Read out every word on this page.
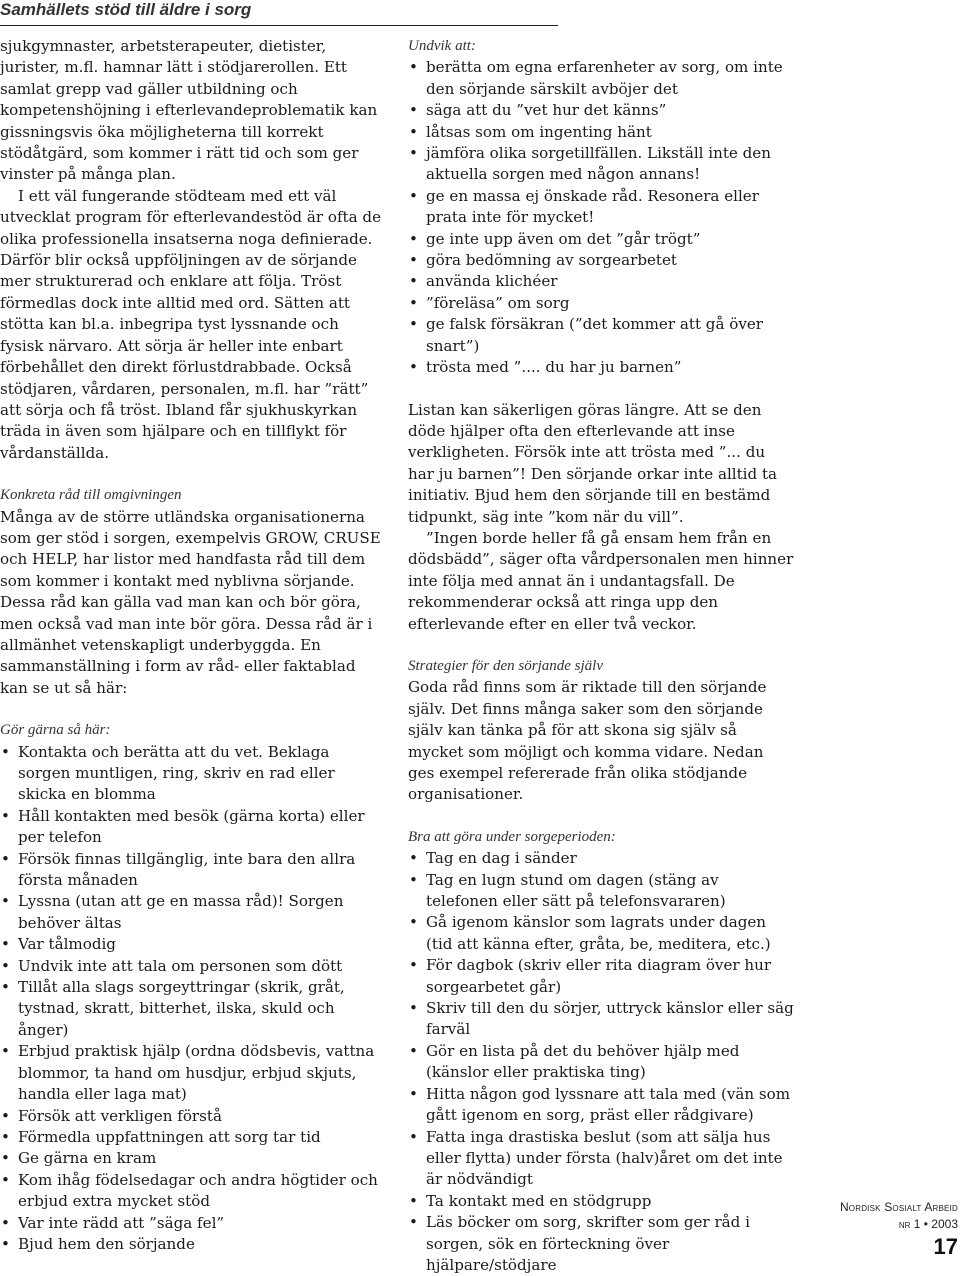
Samhällets stöd till äldre i sorg

sjukgymnaster, arbetsterapeuter, dietister, jurister, m.fl. hamnar lätt i stödjarerollen. Ett samlat grepp vad gäller utbildning och kompetenshöjning i efterlevandeproblematik kan gissningsvis öka möjligheterna till korrekt stödåtgärd, som kommer i rätt tid och som ger vinster på många plan.

I ett väl fungerande stödteam med ett väl utvecklat program för efterlevandestöd är ofta de olika professionella insatserna noga definierade. Därför blir också uppföljningen av de sörjande mer strukturerad och enklare att följa. Tröst förmedlas dock inte alltid med ord. Sätten att stötta kan bl.a. inbegripa tyst lyssnande och fysisk närvaro. Att sörja är heller inte enbart förbehållet den direkt förlustdrabbade. Också stödjaren, vårdaren, personalen, m.fl. har ”rätt” att sörja och få tröst. Ibland får sjukhuskyrkan träda in även som hjälpare och en tillflykt för vårdanställda.

Konkreta råd till omgivningen

Många av de större utländska organisationerna som ger stöd i sorgen, exempelvis GROW, CRUSE och HELP, har listor med handfasta råd till dem som kommer i kontakt med nyblivna sörjande. Dessa råd kan gälla vad man kan och bör göra, men också vad man inte bör göra. Dessa råd är i allmänhet vetenskapligt underbyggda. En sammanställning i form av råd- eller faktablad kan se ut så här:

Gör gärna så här:

• Kontakta och berätta att du vet. Beklaga sorgen muntligen, ring, skriv en rad eller skicka en blomma
• Håll kontakten med besök (gärna korta) eller per telefon
• Försök finnas tillgänglig, inte bara den allra första månaden
• Lyssna (utan att ge en massa råd)! Sorgen behöver ältas
• Var tålmodig
• Undvik inte att tala om personen som dött
• Tillåt alla slags sorgeyttringar (skrik, gråt, tystnad, skratt, bitterhet, ilska, skuld och ånger)
• Erbjud praktisk hjälp (ordna dödsbevis, vattna blommor, ta hand om husdjur, erbjud skjuts, handla eller laga mat)
• Försök att verkligen förstå
• Förmedla uppfattningen att sorg tar tid
• Ge gärna en kram
• Kom ihåg födelsedagar och andra högtider och erbjud extra mycket stöd
• Var inte rädd att ”säga fel”
• Bjud hem den sörjande

Undvik att:

• berätta om egna erfarenheter av sorg, om inte den sörjande särskilt avböjer det
• säga att du ”vet hur det känns”
• låtsas som om ingenting hänt
• jämföra olika sorgetillfällen. Likställ inte den aktuella sorgen med någon annans!
• ge en massa ej önskade råd. Resonera eller prata inte för mycket!
• ge inte upp även om det ”går trögt”
• göra bedömning av sorgearbetet
• använda klichéer
• ”föreläsa” om sorg
• ge falsk försäkran (”det kommer att gå över snart”)
• trösta med ”.... du har ju barnen”

Listan kan säkerligen göras längre. Att se den döde hjälper ofta den efterlevande att inse verkligheten. Försök inte att trösta med ”... du har ju barnen”! Den sörjande orkar inte alltid ta initiativ. Bjud hem den sörjande till en bestämd tidpunkt, säg inte ”kom när du vill”.

”Ingen borde heller få gå ensam hem från en dödsbädd”, säger ofta vårdpersonalen men hinner inte följa med annat än i undantagsfall. De rekommenderar också att ringa upp den efterlevande efter en eller två veckor.

Strategier för den sörjande själv

Goda råd finns som är riktade till den sörjande själv. Det finns många saker som den sörjande själv kan tänka på för att skona sig själv så mycket som möjligt och komma vidare. Nedan ges exempel refererade från olika stödjande organisationer.

Bra att göra under sorgeperioden:

• Tag en dag i sänder
• Tag en lugn stund om dagen (stäng av telefonen eller sätt på telefonsvararen)
• Gå igenom känslor som lagrats under dagen (tid att känna efter, gråta, be, meditera, etc.)
• För dagbok (skriv eller rita diagram över hur sorgearbetet går)
• Skriv till den du sörjer, uttryck känslor eller säg farväl
• Gör en lista på det du behöver hjälp med (känslor eller praktiska ting)
• Hitta någon god lyssnare att tala med (vän som gått igenom en sorg, präst eller rådgivare)
• Fatta inga drastiska beslut (som att sälja hus eller flytta) under första (halv)året om det inte är nödvändigt
• Ta kontakt med en stödgrupp
• Läs böcker om sorg, skrifter som ger råd i sorgen, sök en förteckning över hjälpare/stödjare
Nordisk Sosialt Arbeid
nr 1 • 2003
17
